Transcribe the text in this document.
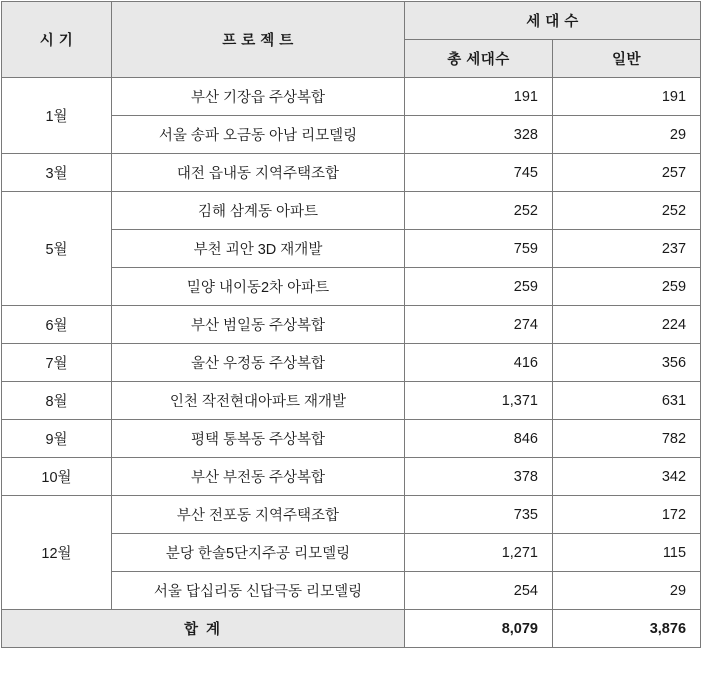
시 기	프 로 젝 트	세 대 수	
		총 세대수	일반
1월	부산 기장읍 주상복합	191	191
	서울 송파 오금동 아남 리모델링	328	29
3월	대전 읍내동 지역주택조합	745	257
5월	김해 삼계동 아파트	252	252
	부천 괴안 3D 재개발	759	237
	밀양 내이동2차 아파트	259	259
6월	부산 범일동 주상복합	274	224
7월	울산 우정동 주상복합	416	356
8월	인천 작전현대아파트 재개발	1,371	631
9월	평택 통복동 주상복합	846	782
10월	부산 부전동 주상복합	378	342
12월	부산 전포동 지역주택조합	735	172
	분당 한솔5단지주공 리모델링	1,271	115
	서울 답십리동 신답극동 리모델링	254	29
합 계		8,079	3,876
